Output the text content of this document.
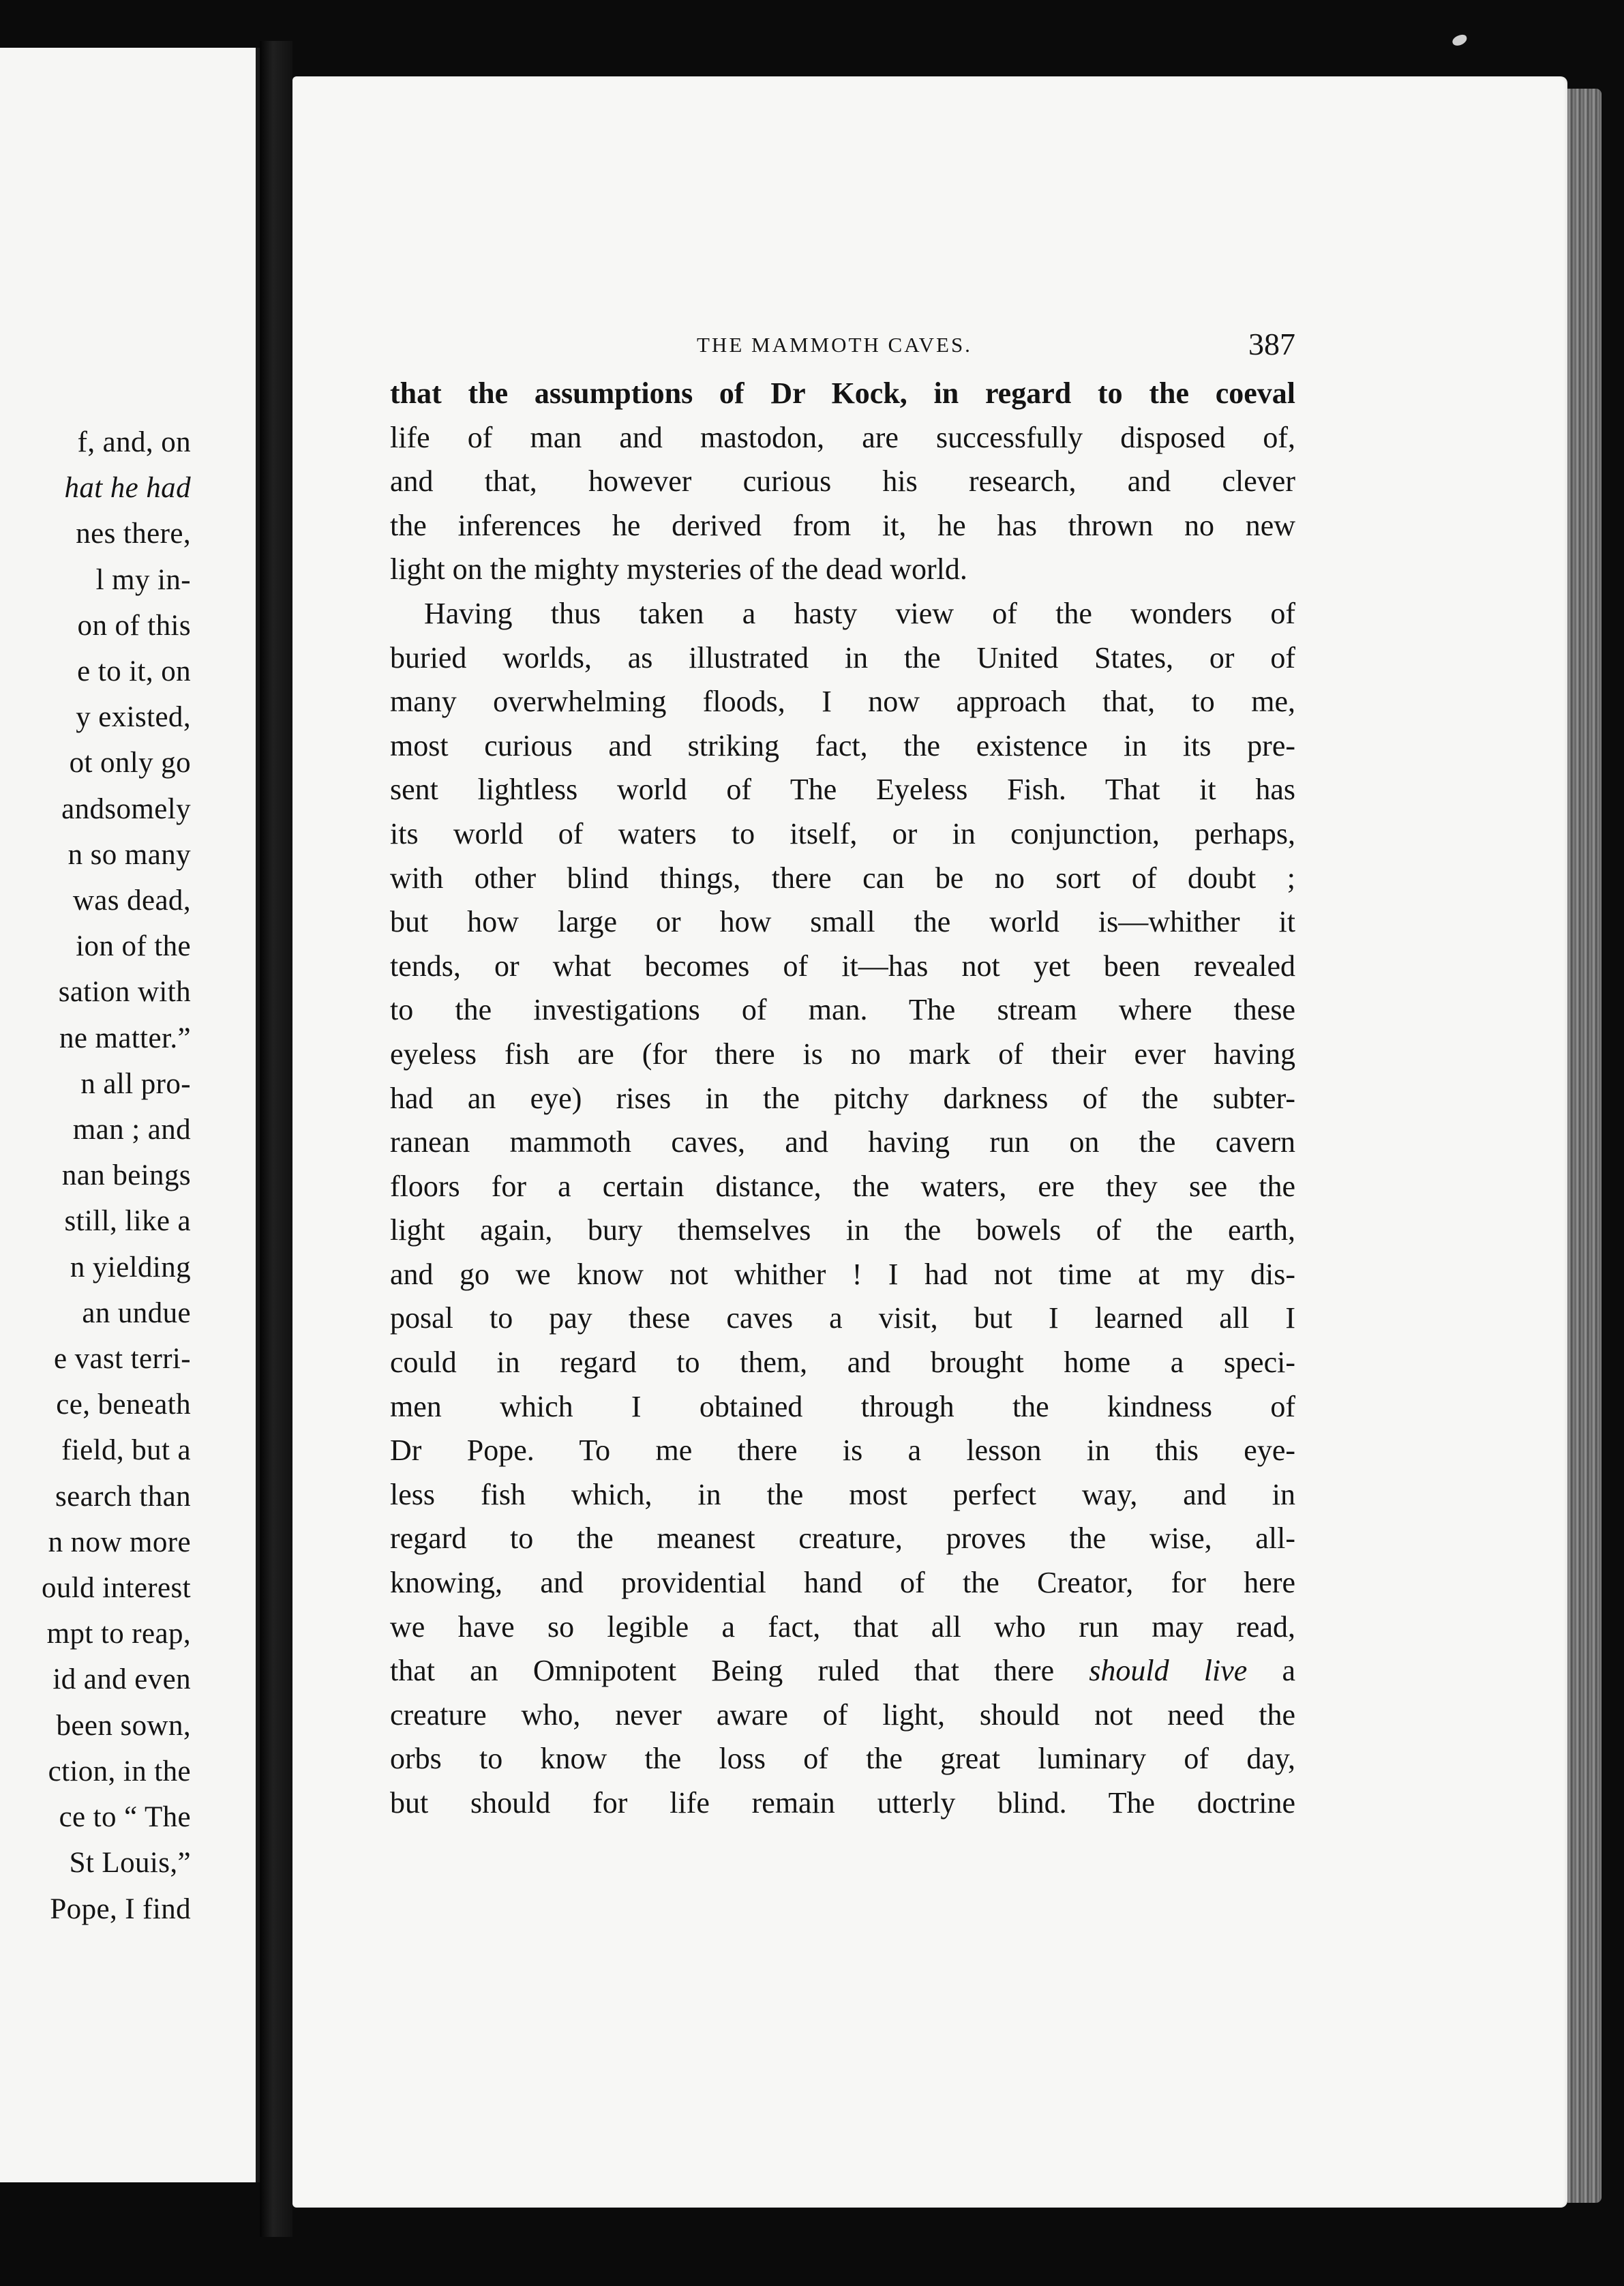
f, and, on
hat he had
nes there,
l my in-
on of this
e to it, on
y existed,
ot only go
andsomely
n so many
was dead,
ion of the
sation with
ne matter.”
n all pro-
man ; and
nan beings
still, like a
n yielding
an undue
e vast terri-
ce, beneath
field, but a
search than
n now more
ould interest
mpt to reap,
id and even
been sown,
ction, in the
ce to “ The
St Louis,”
Pope, I find
THE MAMMOTH CAVES.	387
that the assumptions of Dr Kock, in regard to the coeval
life of man and mastodon, are successfully disposed of,
and that, however curious his research, and clever
the inferences he derived from it, he has thrown no new
light on the mighty mysteries of the dead world.
Having thus taken a hasty view of the wonders of
buried worlds, as illustrated in the United States, or of
many overwhelming floods, I now approach that, to me,
most curious and striking fact, the existence in its pre-
sent lightless world of The Eyeless Fish. That it has
its world of waters to itself, or in conjunction, perhaps,
with other blind things, there can be no sort of doubt ;
but how large or how small the world is—whither it
tends, or what becomes of it—has not yet been revealed
to the investigations of man. The stream where these
eyeless fish are (for there is no mark of their ever having
had an eye) rises in the pitchy darkness of the subter-
ranean mammoth caves, and having run on the cavern
floors for a certain distance, the waters, ere they see the
light again, bury themselves in the bowels of the earth,
and go we know not whither ! I had not time at my dis-
posal to pay these caves a visit, but I learned all I
could in regard to them, and brought home a speci-
men which I obtained through the kindness of
Dr Pope. To me there is a lesson in this eye-
less fish which, in the most perfect way, and in
regard to the meanest creature, proves the wise, all-
knowing, and providential hand of the Creator, for here
we have so legible a fact, that all who run may read,
that an Omnipotent Being ruled that there should live a
creature who, never aware of light, should not need the
orbs to know the loss of the great luminary of day,
but should for life remain utterly blind. The doctrine
